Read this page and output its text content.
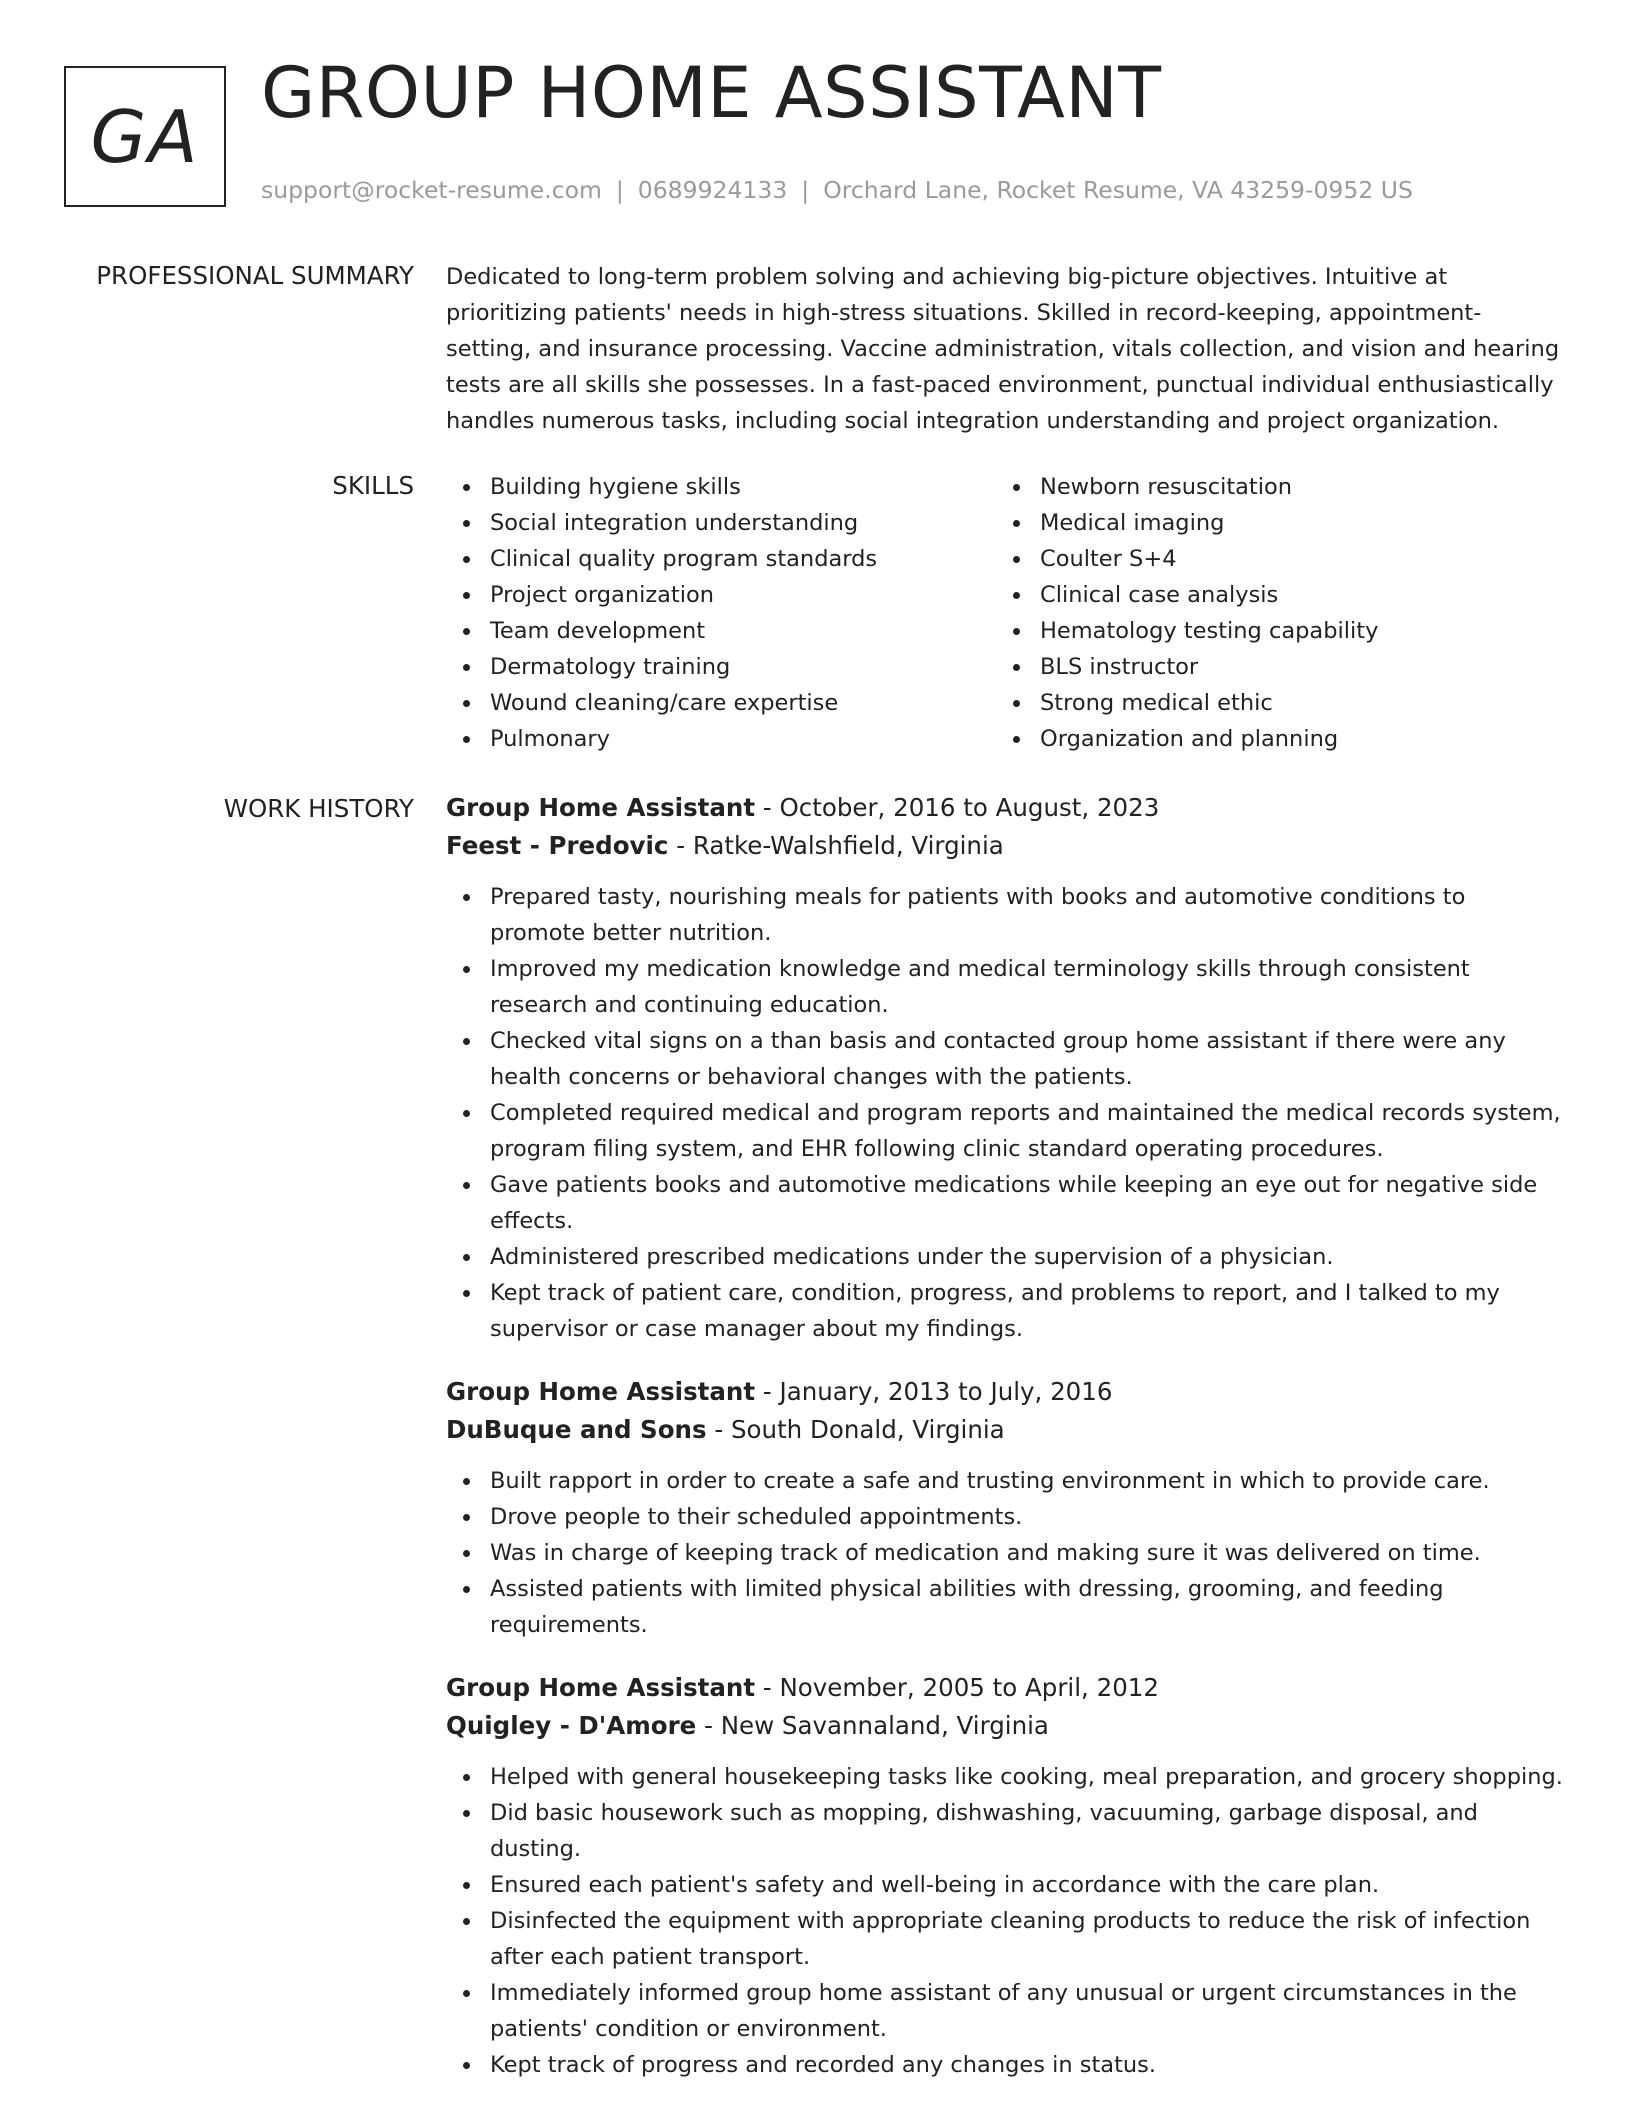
GA
GROUP HOME ASSISTANT
support@rocket-resume.com | 0689924133 | Orchard Lane, Rocket Resume, VA 43259-0952 US
PROFESSIONAL SUMMARY Dedicated to long-term problem solving and achieving big-picture objectives. Intuitive at prioritizing patients' needs in high-stress situations. Skilled in record-keeping, appointment-setting, and insurance processing. Vaccine administration, vitals collection, and vision and hearing tests are all skills she possesses. In a fast-paced environment, punctual individual enthusiastically handles numerous tasks, including social integration understanding and project organization.

SKILLS	Building hygiene skills
Social integration understanding
Clinical quality program standards
Project organization
Team development
Dermatology training
Wound cleaning/care expertise
Pulmonary
Newborn resuscitation
Medical imaging
Coulter S+4
Clinical case analysis
Hematology testing capability
BLS instructor
Strong medical ethic
Organization and planning
WORK HISTORY Group Home Assistant - October, 2016 to August, 2023
Feest - Predovic - Ratke-Walshfield, Virginia
Prepared tasty, nourishing meals for patients with books and automotive conditions to promote better nutrition.
Improved my medication knowledge and medical terminology skills through consistent research and continuing education.
Checked vital signs on a than basis and contacted group home assistant if there were any health concerns or behavioral changes with the patients.
Completed required medical and program reports and maintained the medical records system, program filing system, and EHR following clinic standard operating procedures.
Gave patients books and automotive medications while keeping an eye out for negative side effects.
Administered prescribed medications under the supervision of a physician.
Kept track of patient care, condition, progress, and problems to report, and I talked to my supervisor or case manager about my findings.
Group Home Assistant - January, 2013 to July, 2016
DuBuque and Sons - South Donald, Virginia
Built rapport in order to create a safe and trusting environment in which to provide care.
Drove people to their scheduled appointments.
Was in charge of keeping track of medication and making sure it was delivered on time.
Assisted patients with limited physical abilities with dressing, grooming, and feeding requirements.
Group Home Assistant - November, 2005 to April, 2012
Quigley - D'Amore - New Savannaland, Virginia
Helped with general housekeeping tasks like cooking, meal preparation, and grocery shopping.
Did basic housework such as mopping, dishwashing, vacuuming, garbage disposal, and dusting.
Ensured each patient's safety and well-being in accordance with the care plan.
Disinfected the equipment with appropriate cleaning products to reduce the risk of infection after each patient transport.
Immediately informed group home assistant of any unusual or urgent circumstances in the patients' condition or environment.
Kept track of progress and recorded any changes in status.
